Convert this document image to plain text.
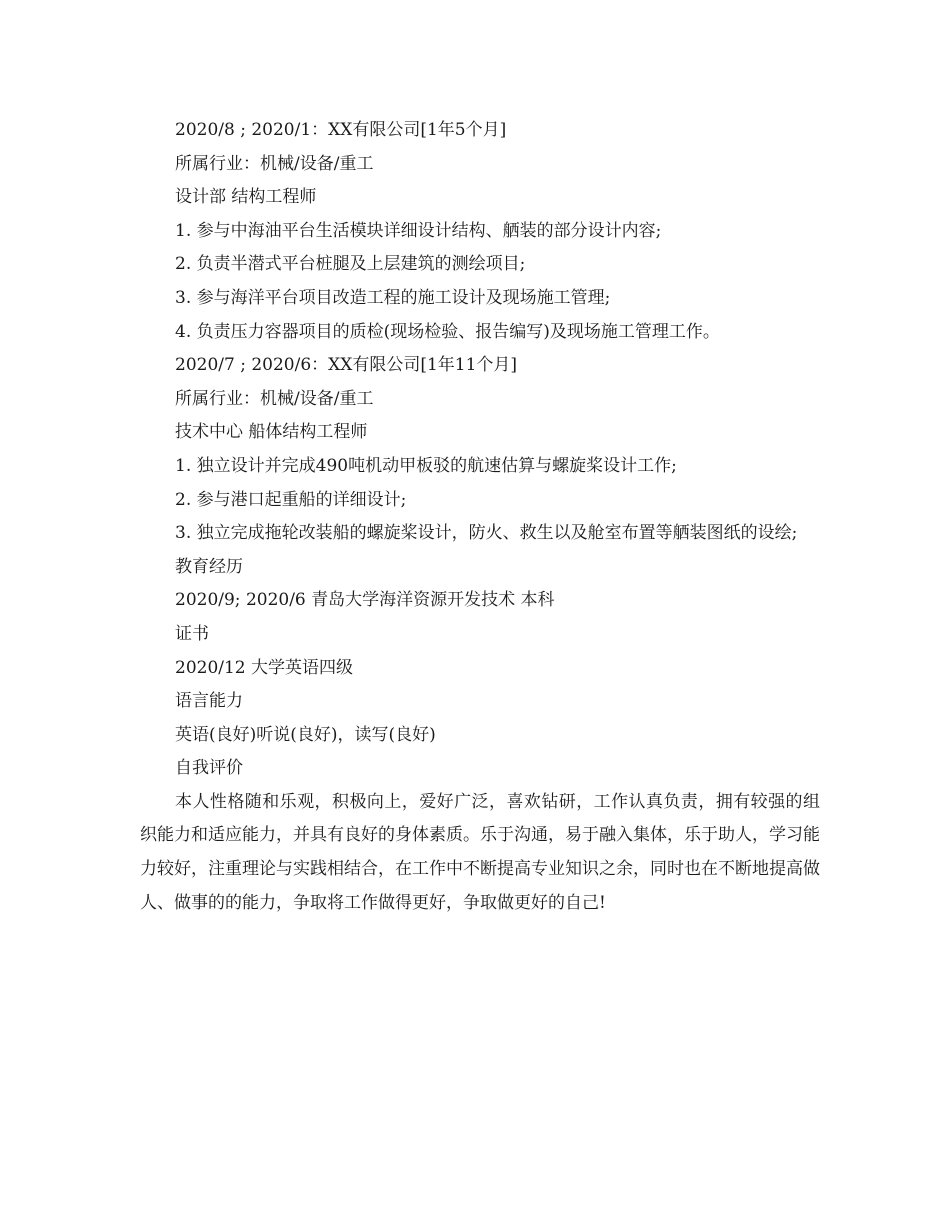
2020/8 ; 2020/1：XX有限公司[1年5个月]

所属行业：机械/设备/重工

设计部 结构工程师

1. 参与中海油平台生活模块详细设计结构、舾装的部分设计内容;

2. 负责半潜式平台桩腿及上层建筑的测绘项目;

3. 参与海洋平台项目改造工程的施工设计及现场施工管理;

4. 负责压力容器项目的质检(现场检验、报告编写)及现场施工管理工作。

2020/7 ; 2020/6：XX有限公司[1年11个月]

所属行业：机械/设备/重工

技术中心 船体结构工程师

1. 独立设计并完成490吨机动甲板驳的航速估算与螺旋桨设计工作;

2. 参与港口起重船的详细设计;

3. 独立完成拖轮改装船的螺旋桨设计，防火、救生以及舱室布置等舾装图纸的设绘;

教育经历

2020/9; 2020/6 青岛大学海洋资源开发技术 本科

证书

2020/12 大学英语四级

语言能力

英语(良好)听说(良好)，读写(良好)

自我评价

本人性格随和乐观，积极向上，爱好广泛，喜欢钻研，工作认真负责，拥有较强的组织能力和适应能力，并具有良好的身体素质。乐于沟通，易于融入集体，乐于助人，学习能力较好，注重理论与实践相结合，在工作中不断提高专业知识之余，同时也在不断地提高做人、做事的的能力，争取将工作做得更好，争取做更好的自己!
